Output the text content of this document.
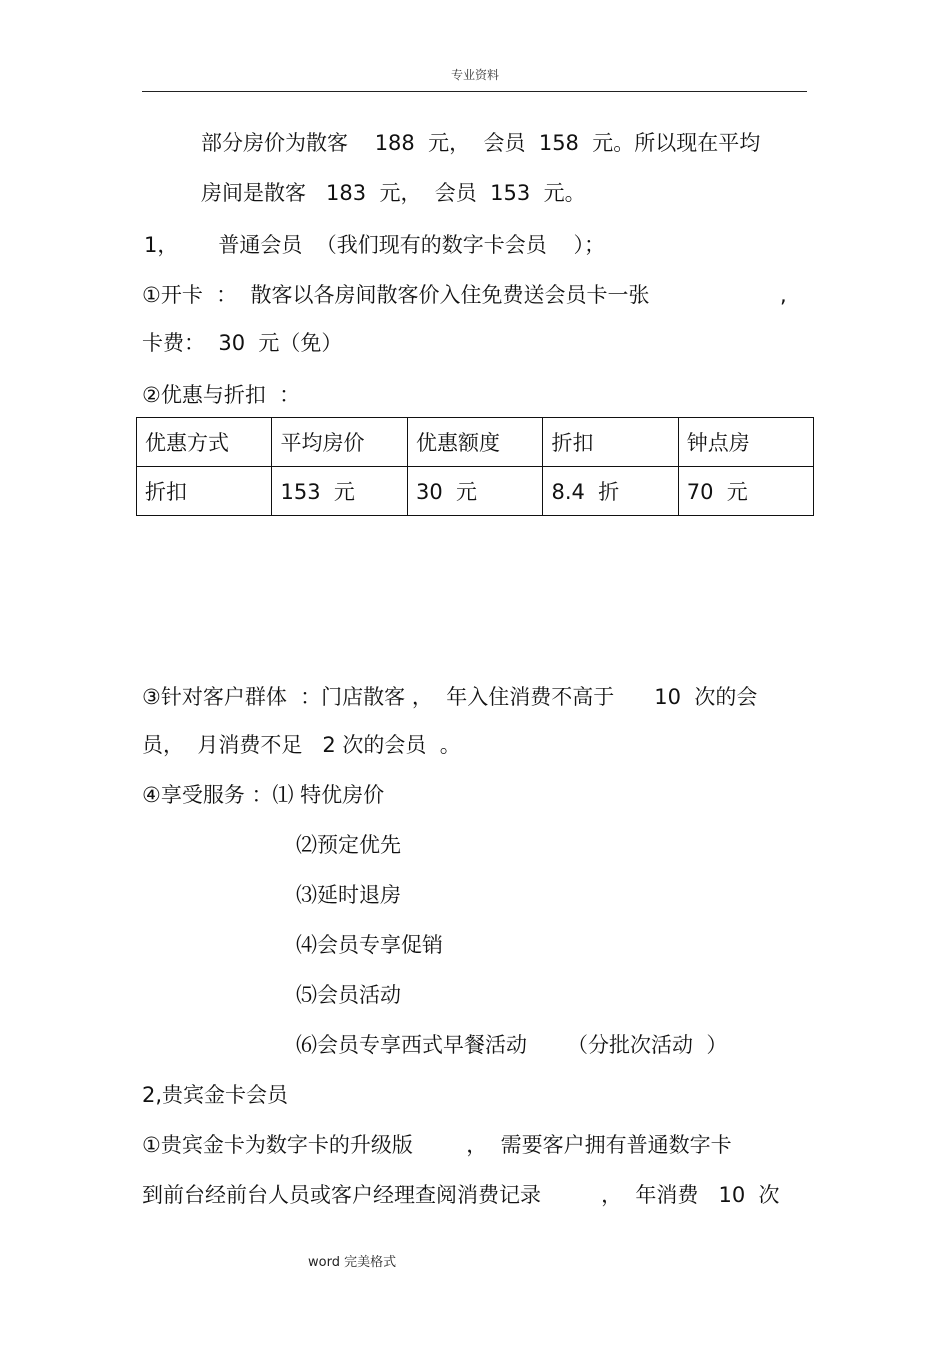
专业资料
部分房价为散客    188  元，  会员  158  元。所以现在平均
房间是散客   183  元，  会员  153  元。
1，      普通会员  （我们现有的数字卡会员    ）；
①开卡  ：  散客以各房间散客价入住免费送会员卡一张	,
卡费：  30  元（免）
②优惠与折扣  ：
优惠方式	平均房价	优惠额度	折扣	钟点房
折扣	153  元	30  元	8.4  折	70  元
③针对客户群体  ：门店散客 ，  年入住消费不高于      10  次的会
员，  月消费不足   2 次的会员  。
④享受服务 ：⑴ 特优房价
⑵预定优先
⑶延时退房
⑷会员专享促销
⑸会员活动
⑹会员专享西式早餐活动      （分批次活动  ）
2,贵宾金卡会员
①贵宾金卡为数字卡的升级版        ，  需要客户拥有普通数字卡
到前台经前台人员或客户经理查阅消费记录         ，  年消费   10  次
word 完美格式
